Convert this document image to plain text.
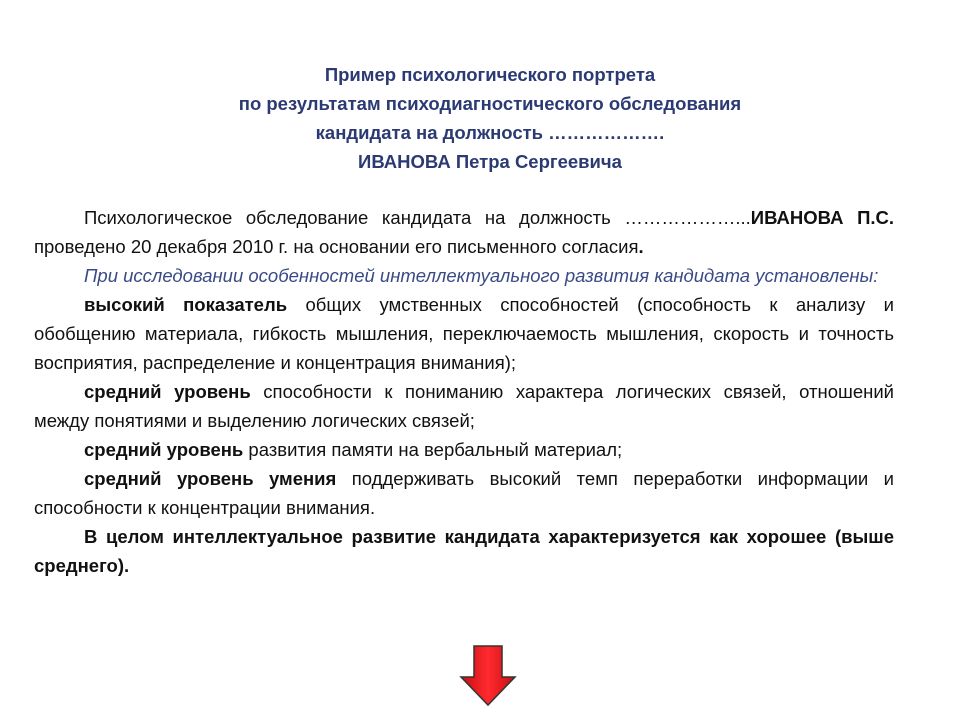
Пример психологического портрета
по результатам психодиагностического обследования
кандидата на должность ……………….
ИВАНОВА Петра Сергеевича

Психологическое обследование кандидата на должность ………………...ИВАНОВА П.С. проведено 20 декабря 2010 г. на основании его письменного согласия.

При исследовании особенностей интеллектуального развития кандидата установлены:

высокий показатель общих умственных способностей (способность к анализу и обобщению материала, гибкость мышления, переключаемость мышления, скорость и точность восприятия, распределение и концентрация внимания);

средний уровень способности к пониманию характера логических связей, отношений между понятиями и выделению логических связей;

средний уровень развития памяти на вербальный материал;

средний уровень умения поддерживать высокий темп переработки информации и способности к концентрации внимания.

В целом интеллектуальное развитие кандидата характеризуется как хорошее (выше среднего).
